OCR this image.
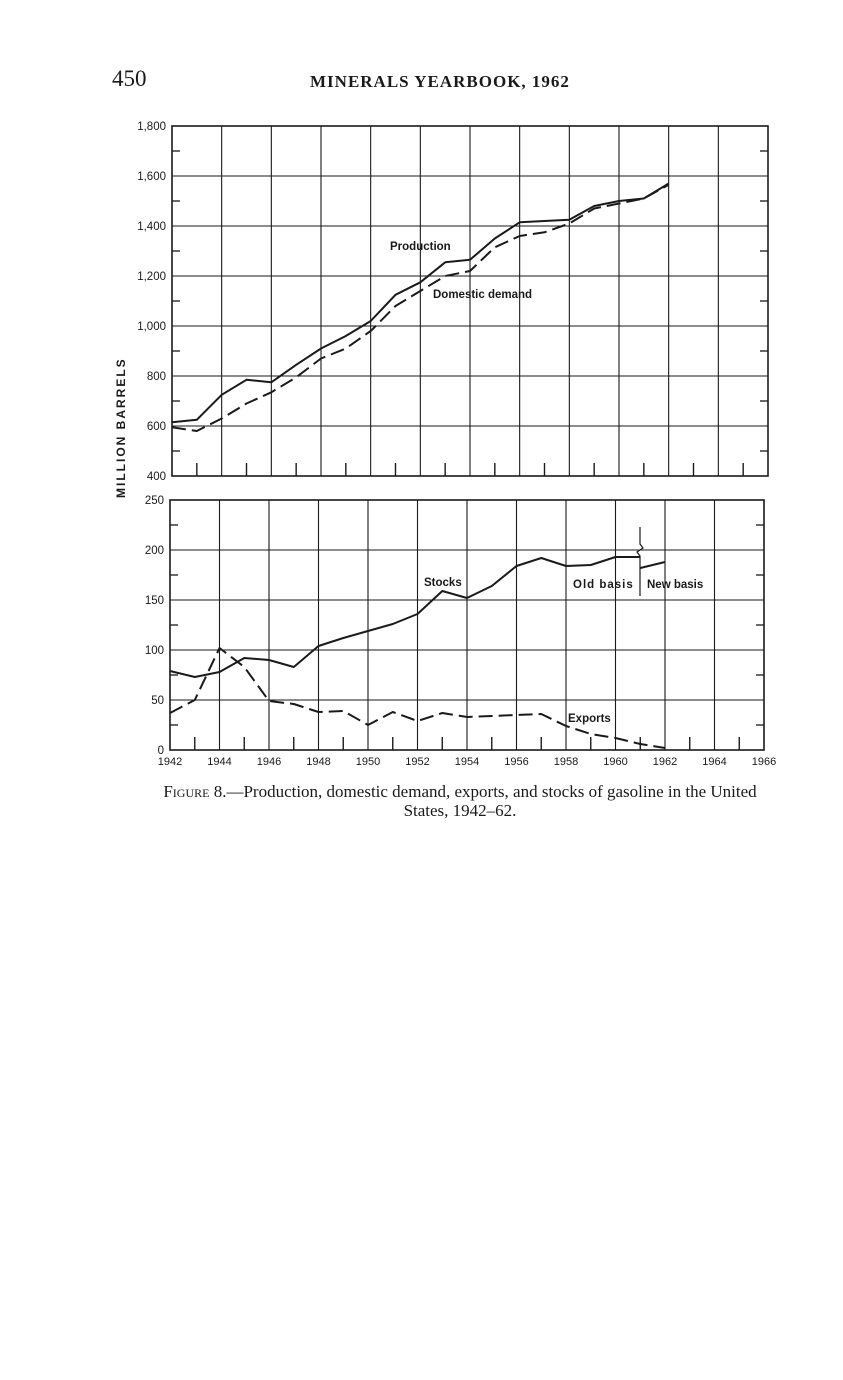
450	MINERALS YEARBOOK, 1962
MILLION BARRELS
Production
Domestic demand
Stocks
Exports
Old basis New basis
400
600
800
1,000
1,200
1,400
1,600
1,800
0
50
100
150
200
250
1942 1944 1946 1948 1950 1952 1954 1956 1958 1960 1962 1964 1966
Figure 8.—Production, domestic demand, exports, and stocks of gasoline in the United States, 1942–62.
